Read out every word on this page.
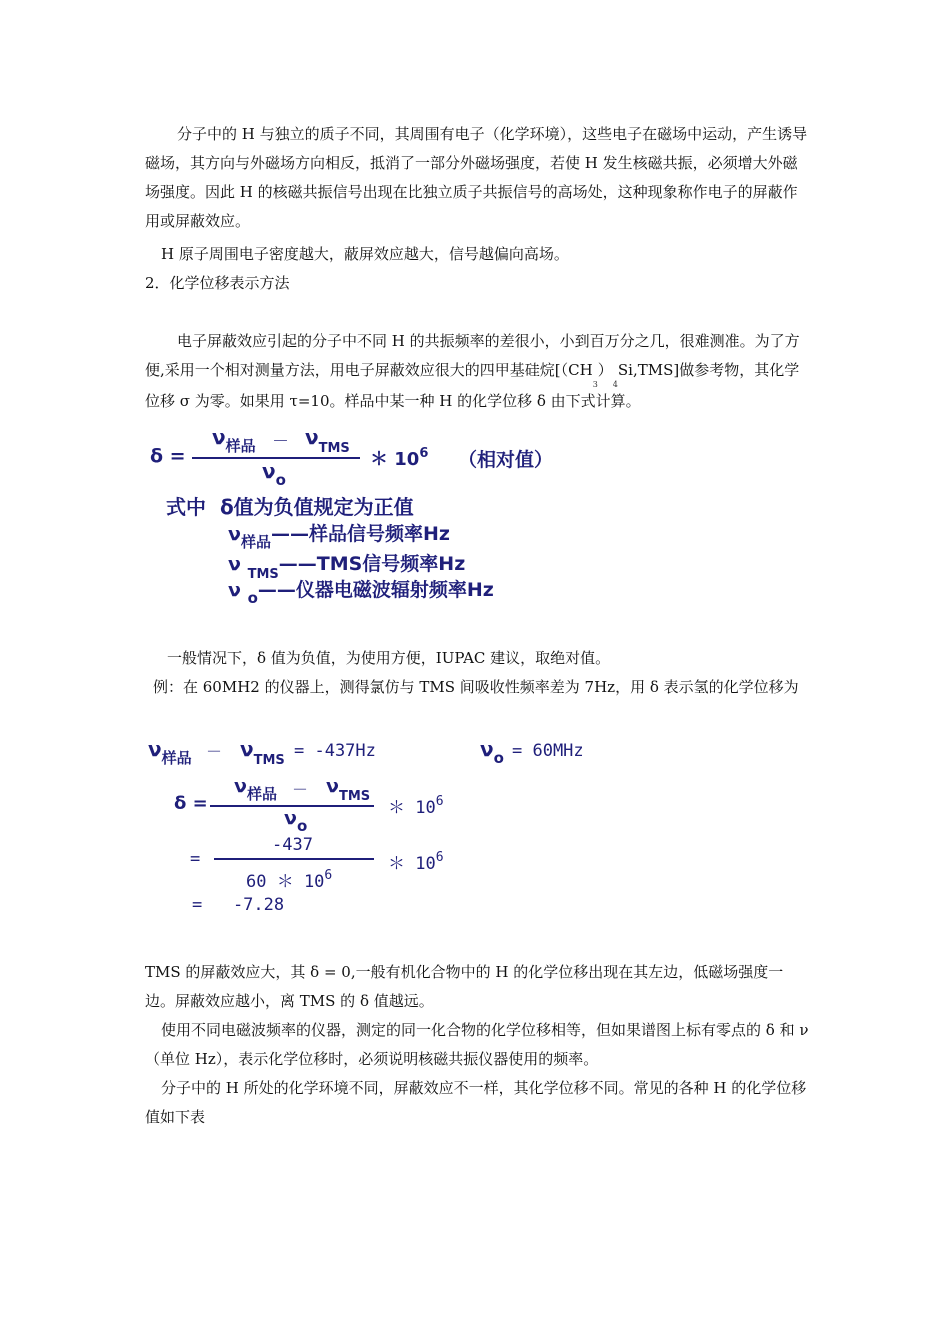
分子中的 H 与独立的质子不同，其周围有电子（化学环境），这些电子在磁场中运动，产生诱导磁场，其方向与外磁场方向相反，抵消了一部分外磁场强度，若使 H 发生核磁共振，必须增大外磁场强度。因此 H 的核磁共振信号出现在比独立质子共振信号的高场处，这种现象称作电子的屏蔽作用或屏蔽效应。

H 原子周围电子密度越大，蔽屏效应越大，信号越偏向高场。

2．化学位移表示方法

电子屏蔽效应引起的分子中不同 H 的共振频率的差很小，小到百万分之几，很难测准。为了方便,采用一个相对测量方法，用电子屏蔽效应很大的四甲基硅烷$[(CH_3)_4Si,TMS]$做参考物，其化学位移 σ 为零。如果用 τ=10。样品中某一种 H 的化学位移 δ 由下式计算。

δ =
$\nu_{样品} - \nu_{TMS}$
$\nu_o$
＊ $10^6$ （相对值）
式中 δ值为负值规定为正值
$\nu_{样品}——$样品信号频率Hz
ν $_{TMS}$——TMS信号频率Hz
ν $_o$——仪器电磁波辐射频率Hz

一般情况下，δ 值为负值，为使用方便，IUPAC 建议，取绝对值。

例：在 60MH2 的仪器上，测得氯仿与 TMS 间吸收性频率差为 7Hz，用 δ 表示氢的化学位移为

$\nu_{样品} - \nu_{TMS} = -437Hz$	$\nu_o = 60MHz$
δ =
$\nu_{样品} - \nu_{TMS}$
$\nu_o$
＊ $10^6$
=
-437
60 ＊ $10^6$
＊ $10^6$
=   -7.28

TMS 的屏蔽效应大，其 δ = 0,一般有机化合物中的 H 的化学位移出现在其左边，低磁场强度一边。屏蔽效应越小，离 TMS 的 δ 值越远。

使用不同电磁波频率的仪器，测定的同一化合物的化学位移相等，但如果谱图上标有零点的 δ 和 ν（单位 Hz），表示化学位移时，必须说明核磁共振仪器使用的频率。

分子中的 H 所处的化学环境不同，屏蔽效应不一样，其化学位移不同。常见的各种 H 的化学位移值如下表
